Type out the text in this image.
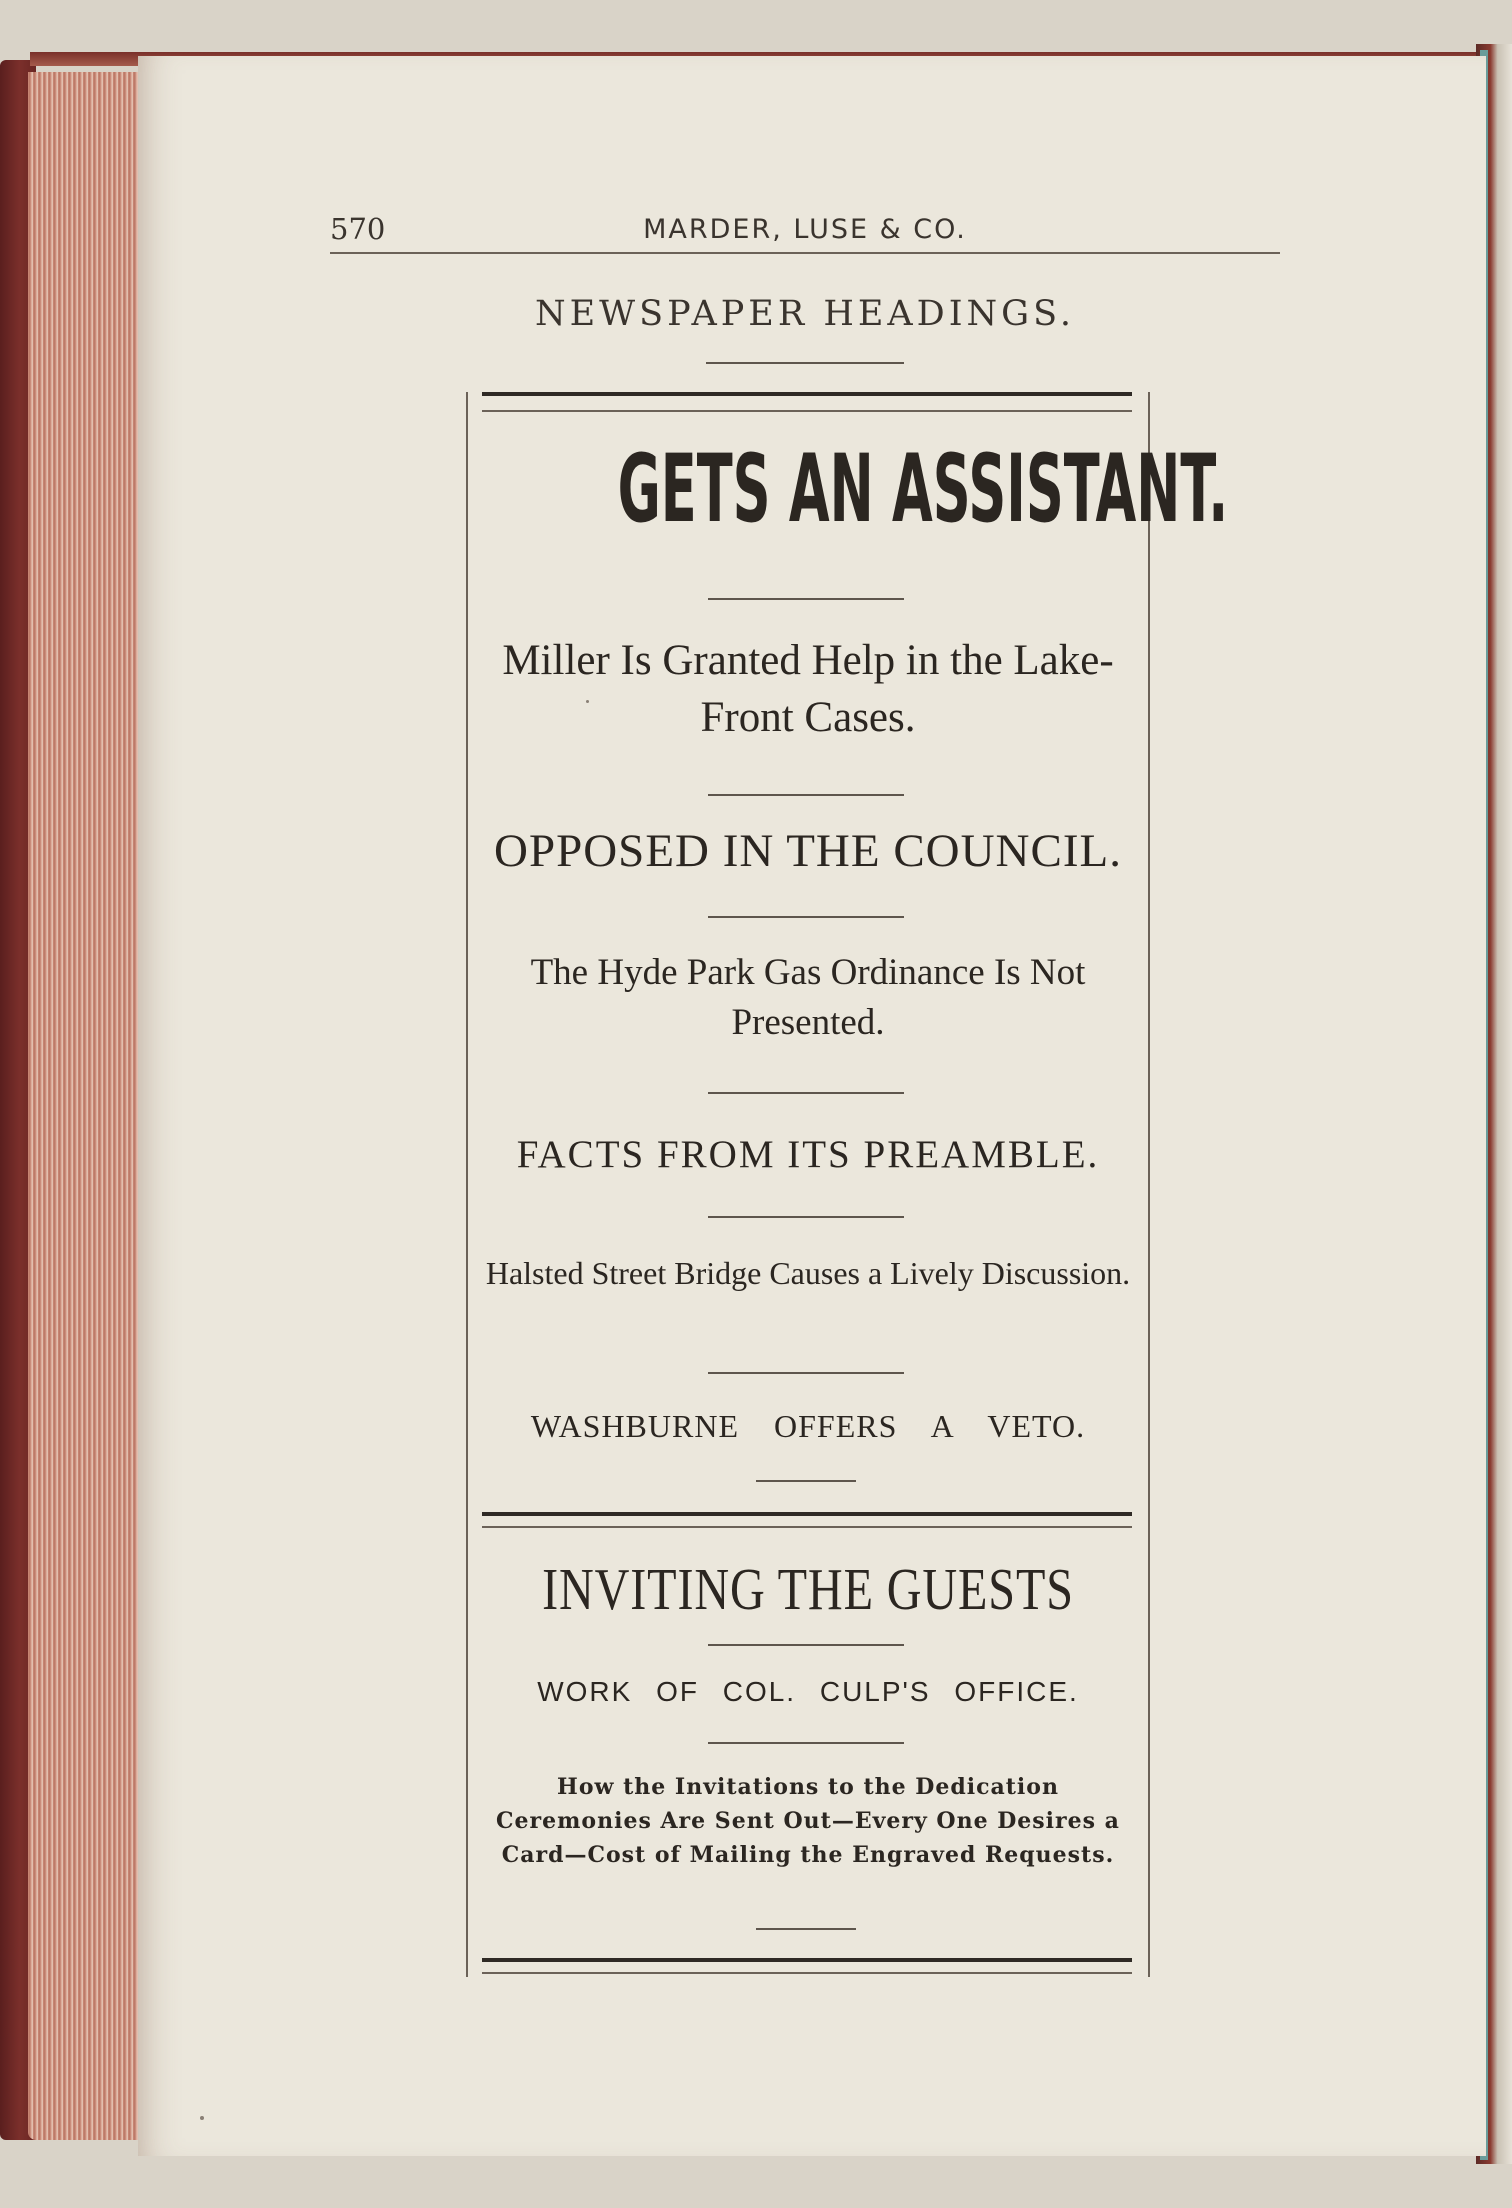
570	MARDER, LUSE & CO.
NEWSPAPER HEADINGS.
GETS AN ASSISTANT.
Miller Is Granted Help in the Lake-Front Cases.
OPPOSED IN THE COUNCIL.
The Hyde Park Gas Ordinance Is Not Presented.
FACTS FROM ITS PREAMBLE.
Halsted Street Bridge Causes a Lively Discussion.
WASHBURNE OFFERS A VETO.
INVITING THE GUESTS
WORK OF COL. CULP'S OFFICE.
How the Invitations to the Dedication Ceremonies Are Sent Out—Every One Desires a Card—Cost of Mailing the Engraved Requests.
